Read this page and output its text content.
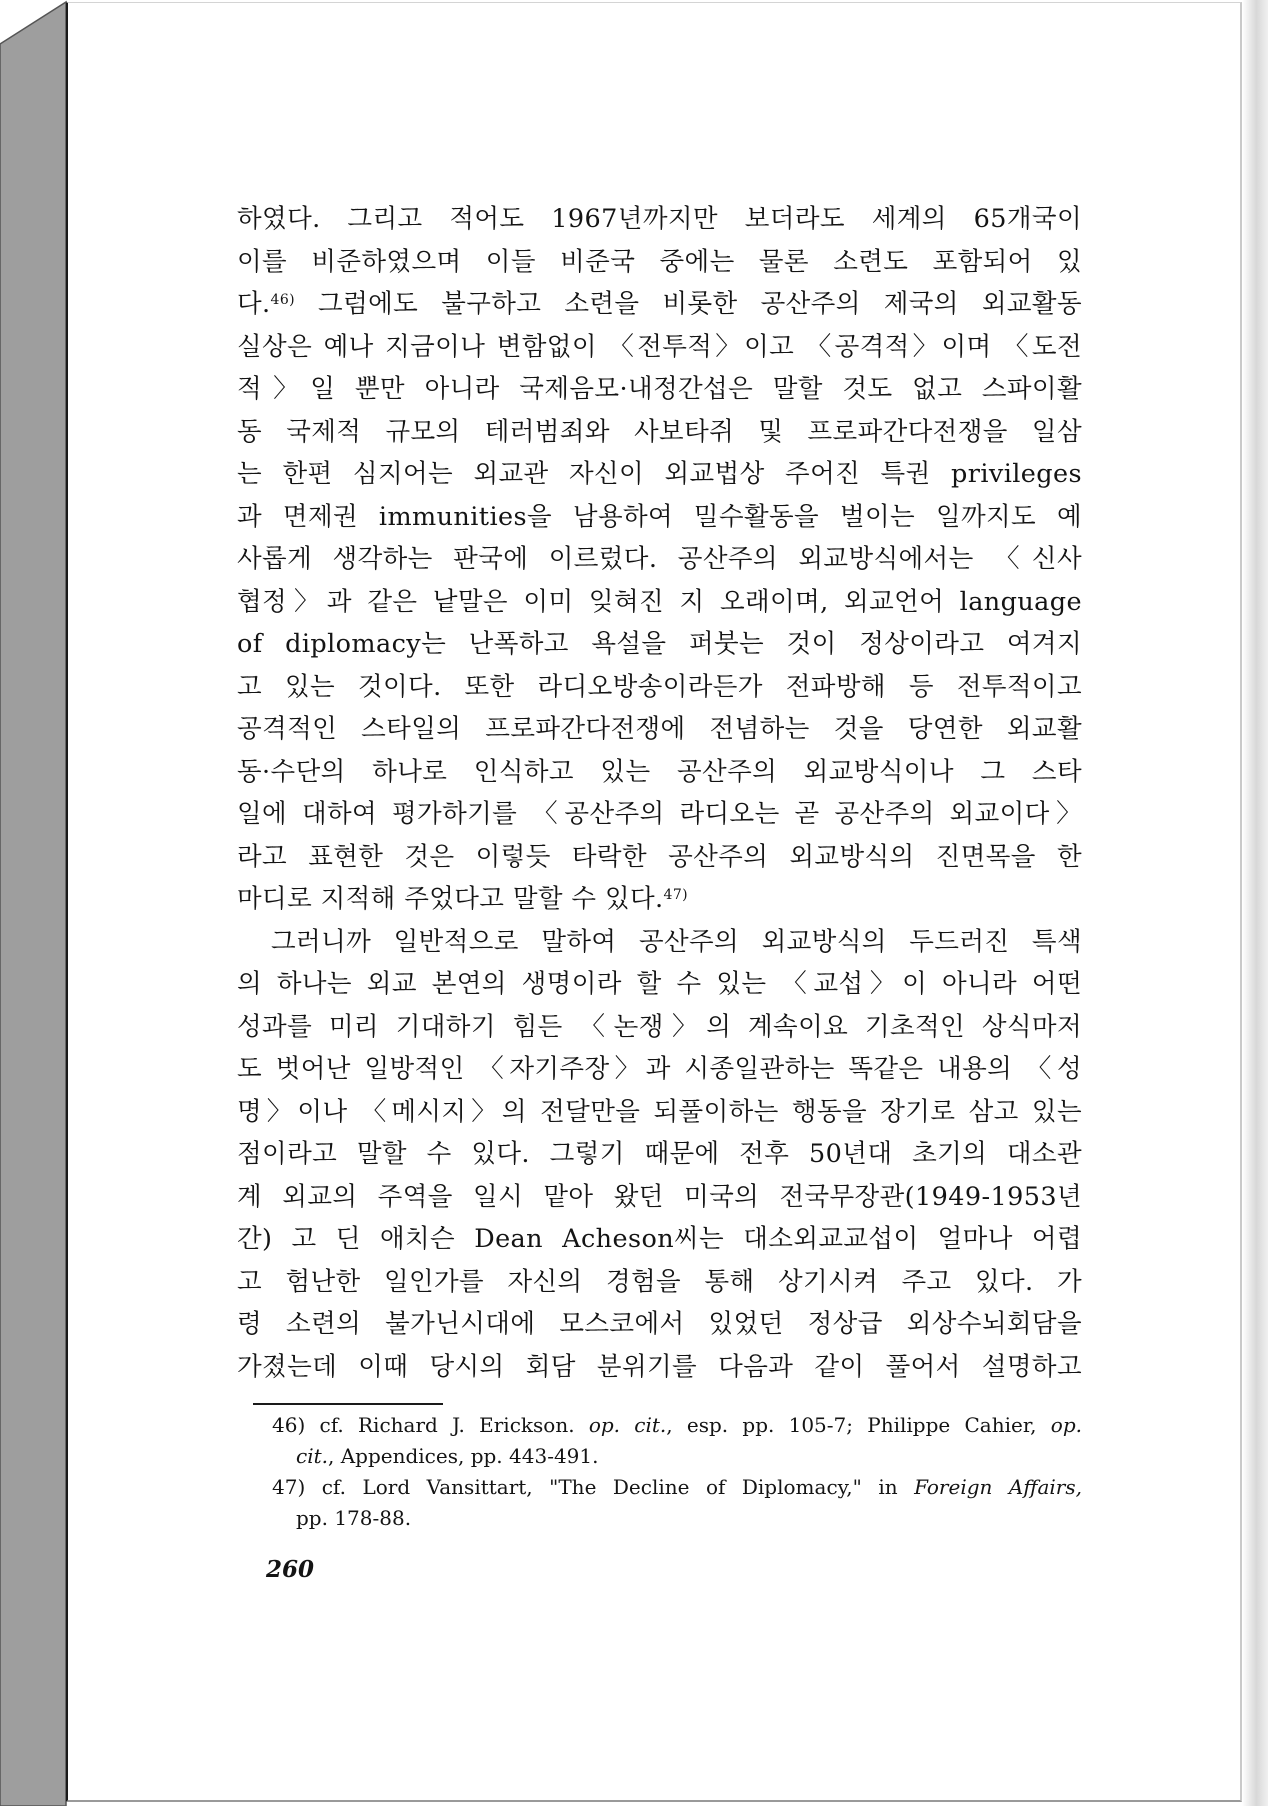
하였다. 그리고 적어도 1967년까지만 보더라도 세계의 65개국이
이를 비준하였으며 이들 비준국 중에는 물론 소련도 포함되어 있
다.$^{46)}$ 그럼에도 불구하고 소련을 비롯한 공산주의 제국의 외교활동
실상은 예나 지금이나 변함없이 〈전투적〉이고 〈공격적〉이며 〈도전
적〉일 뿐만 아니라 국제음모·내정간섭은 말할 것도 없고 스파이활
동 국제적 규모의 테러범죄와 사보타쥐 및 프로파간다전쟁을 일삼
는 한편 심지어는 외교관 자신이 외교법상 주어진 특권 privileges
과 면제권 immunities을 남용하여 밀수활동을 벌이는 일까지도 예
사롭게 생각하는 판국에 이르렀다. 공산주의 외교방식에서는 〈신사
협정〉과 같은 낱말은 이미 잊혀진 지 오래이며, 외교언어 language
of diplomacy는 난폭하고 욕설을 퍼붓는 것이 정상이라고 여겨지
고 있는 것이다. 또한 라디오방송이라든가 전파방해 등 전투적이고
공격적인 스타일의 프로파간다전쟁에 전념하는 것을 당연한 외교활
동·수단의 하나로 인식하고 있는 공산주의 외교방식이나 그 스타
일에 대하여 평가하기를 〈공산주의 라디오는 곧 공산주의 외교이다〉
라고 표현한 것은 이렇듯 타락한 공산주의 외교방식의 진면목을 한
마디로 지적해 주었다고 말할 수 있다.$^{47)}$
그러니까 일반적으로 말하여 공산주의 외교방식의 두드러진 특색
의 하나는 외교 본연의 생명이라 할 수 있는 〈교섭〉이 아니라 어떤
성과를 미리 기대하기 힘든 〈논쟁〉의 계속이요 기초적인 상식마저
도 벗어난 일방적인 〈자기주장〉과 시종일관하는 똑같은 내용의 〈성
명〉이나 〈메시지〉의 전달만을 되풀이하는 행동을 장기로 삼고 있는
점이라고 말할 수 있다. 그렇기 때문에 전후 50년대 초기의 대소관
계 외교의 주역을 일시 맡아 왔던 미국의 전국무장관(1949-1953년
간) 고 딘 애치슨 Dean Acheson씨는 대소외교교섭이 얼마나 어렵
고 험난한 일인가를 자신의 경험을 통해 상기시켜 주고 있다. 가
령 소련의 불가닌시대에 모스코에서 있었던 정상급 외상수뇌회담을
가졌는데 이때 당시의 회담 분위기를 다음과 같이 풀어서 설명하고
46) cf. Richard J. Erickson. op. cit., esp. pp. 105-7; Philippe Cahier, op.
cit., Appendices, pp. 443-491.
47) cf. Lord Vansittart, "The Decline of Diplomacy," in Foreign Affairs,
pp. 178-88.
260
